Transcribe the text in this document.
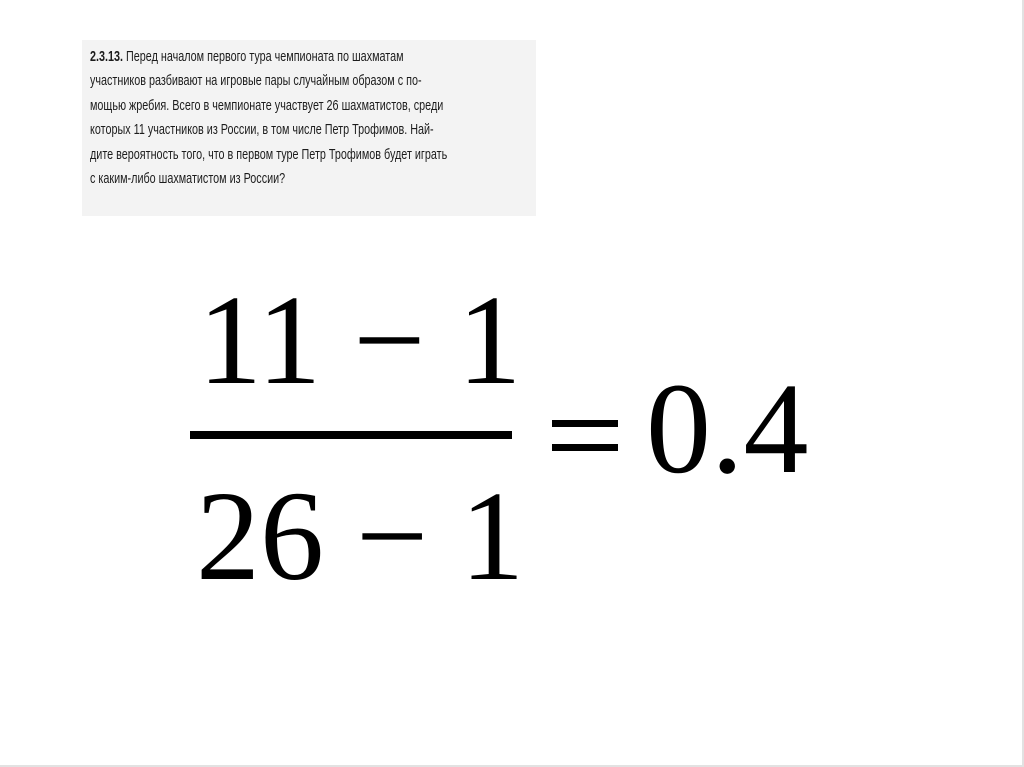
2.3.13. Перед началом первого тура чемпионата по шахматам
участников разбивают на игровые пары случайным образом с по-
мощью жребия. Всего в чемпионате участвует 26 шахматистов, среди
которых 11 участников из России, в том числе Петр Трофимов. Най-
дите вероятность того, что в первом туре Петр Трофимов будет играть
с каким-либо шахматистом из России?
11 − 1
26 − 1
0.4
